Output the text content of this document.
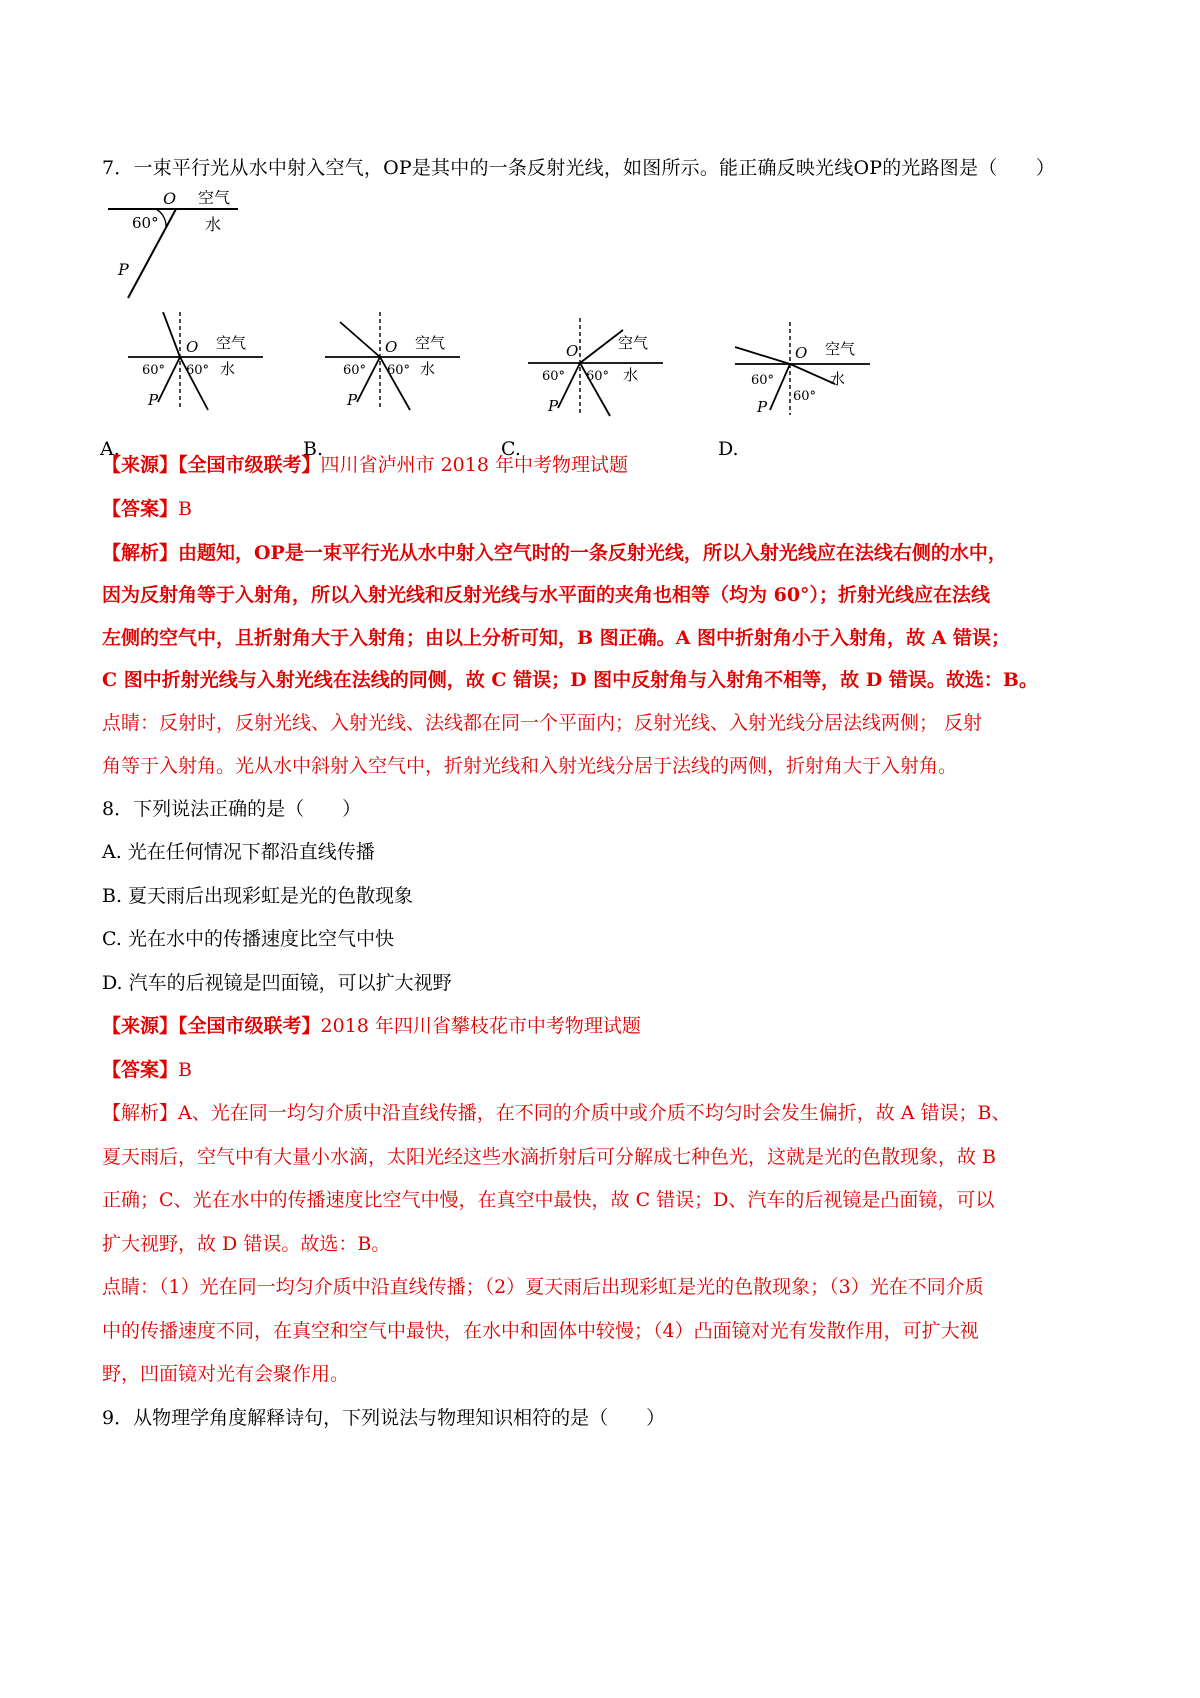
7．一束平行光从水中射入空气，OP是其中的一条反射光线，如图所示。能正确反映光线OP的光路图是（　　）
O 空气
水
60°
P
O 空气
水
60° 60°
P
A.
O 空气
水
60° 60°
P
B.
O	空气
水
60° 60°
P
C.
O 空气
水
60°
60°
P
D.
【来源】【全国市级联考】四川省泸州市 2018 年中考物理试题
【答案】B
【解析】由题知，OP是一束平行光从水中射入空气时的一条反射光线，所以入射光线应在法线右侧的水中，
因为反射角等于入射角，所以入射光线和反射光线与水平面的夹角也相等（均为 60°）；折射光线应在法线
左侧的空气中，且折射角大于入射角；由以上分析可知，B 图正确。A 图中折射角小于入射角，故 A 错误；
C 图中折射光线与入射光线在法线的同侧，故 C 错误；D 图中反射角与入射角不相等，故 D 错误。故选：B。
点睛：反射时，反射光线、入射光线、法线都在同一个平面内；反射光线、入射光线分居法线两侧； 反射
角等于入射角。光从水中斜射入空气中，折射光线和入射光线分居于法线的两侧，折射角大于入射角。
8．下列说法正确的是（　　）
A. 光在任何情况下都沿直线传播
B. 夏天雨后出现彩虹是光的色散现象
C. 光在水中的传播速度比空气中快
D. 汽车的后视镜是凹面镜，可以扩大视野
【来源】【全国市级联考】2018 年四川省攀枝花市中考物理试题
【答案】B
【解析】A、光在同一均匀介质中沿直线传播，在不同的介质中或介质不均匀时会发生偏折，故 A 错误；B、
夏天雨后，空气中有大量小水滴，太阳光经这些水滴折射后可分解成七种色光，这就是光的色散现象，故 B
正确；C、光在水中的传播速度比空气中慢，在真空中最快，故 C 错误；D、汽车的后视镜是凸面镜，可以
扩大视野，故 D 错误。故选：B。
点睛：（1）光在同一均匀介质中沿直线传播；（2）夏天雨后出现彩虹是光的色散现象；（3）光在不同介质
中的传播速度不同，在真空和空气中最快，在水中和固体中较慢；（4）凸面镜对光有发散作用，可扩大视
野，凹面镜对光有会聚作用。
9．从物理学角度解释诗句，下列说法与物理知识相符的是（　　）
